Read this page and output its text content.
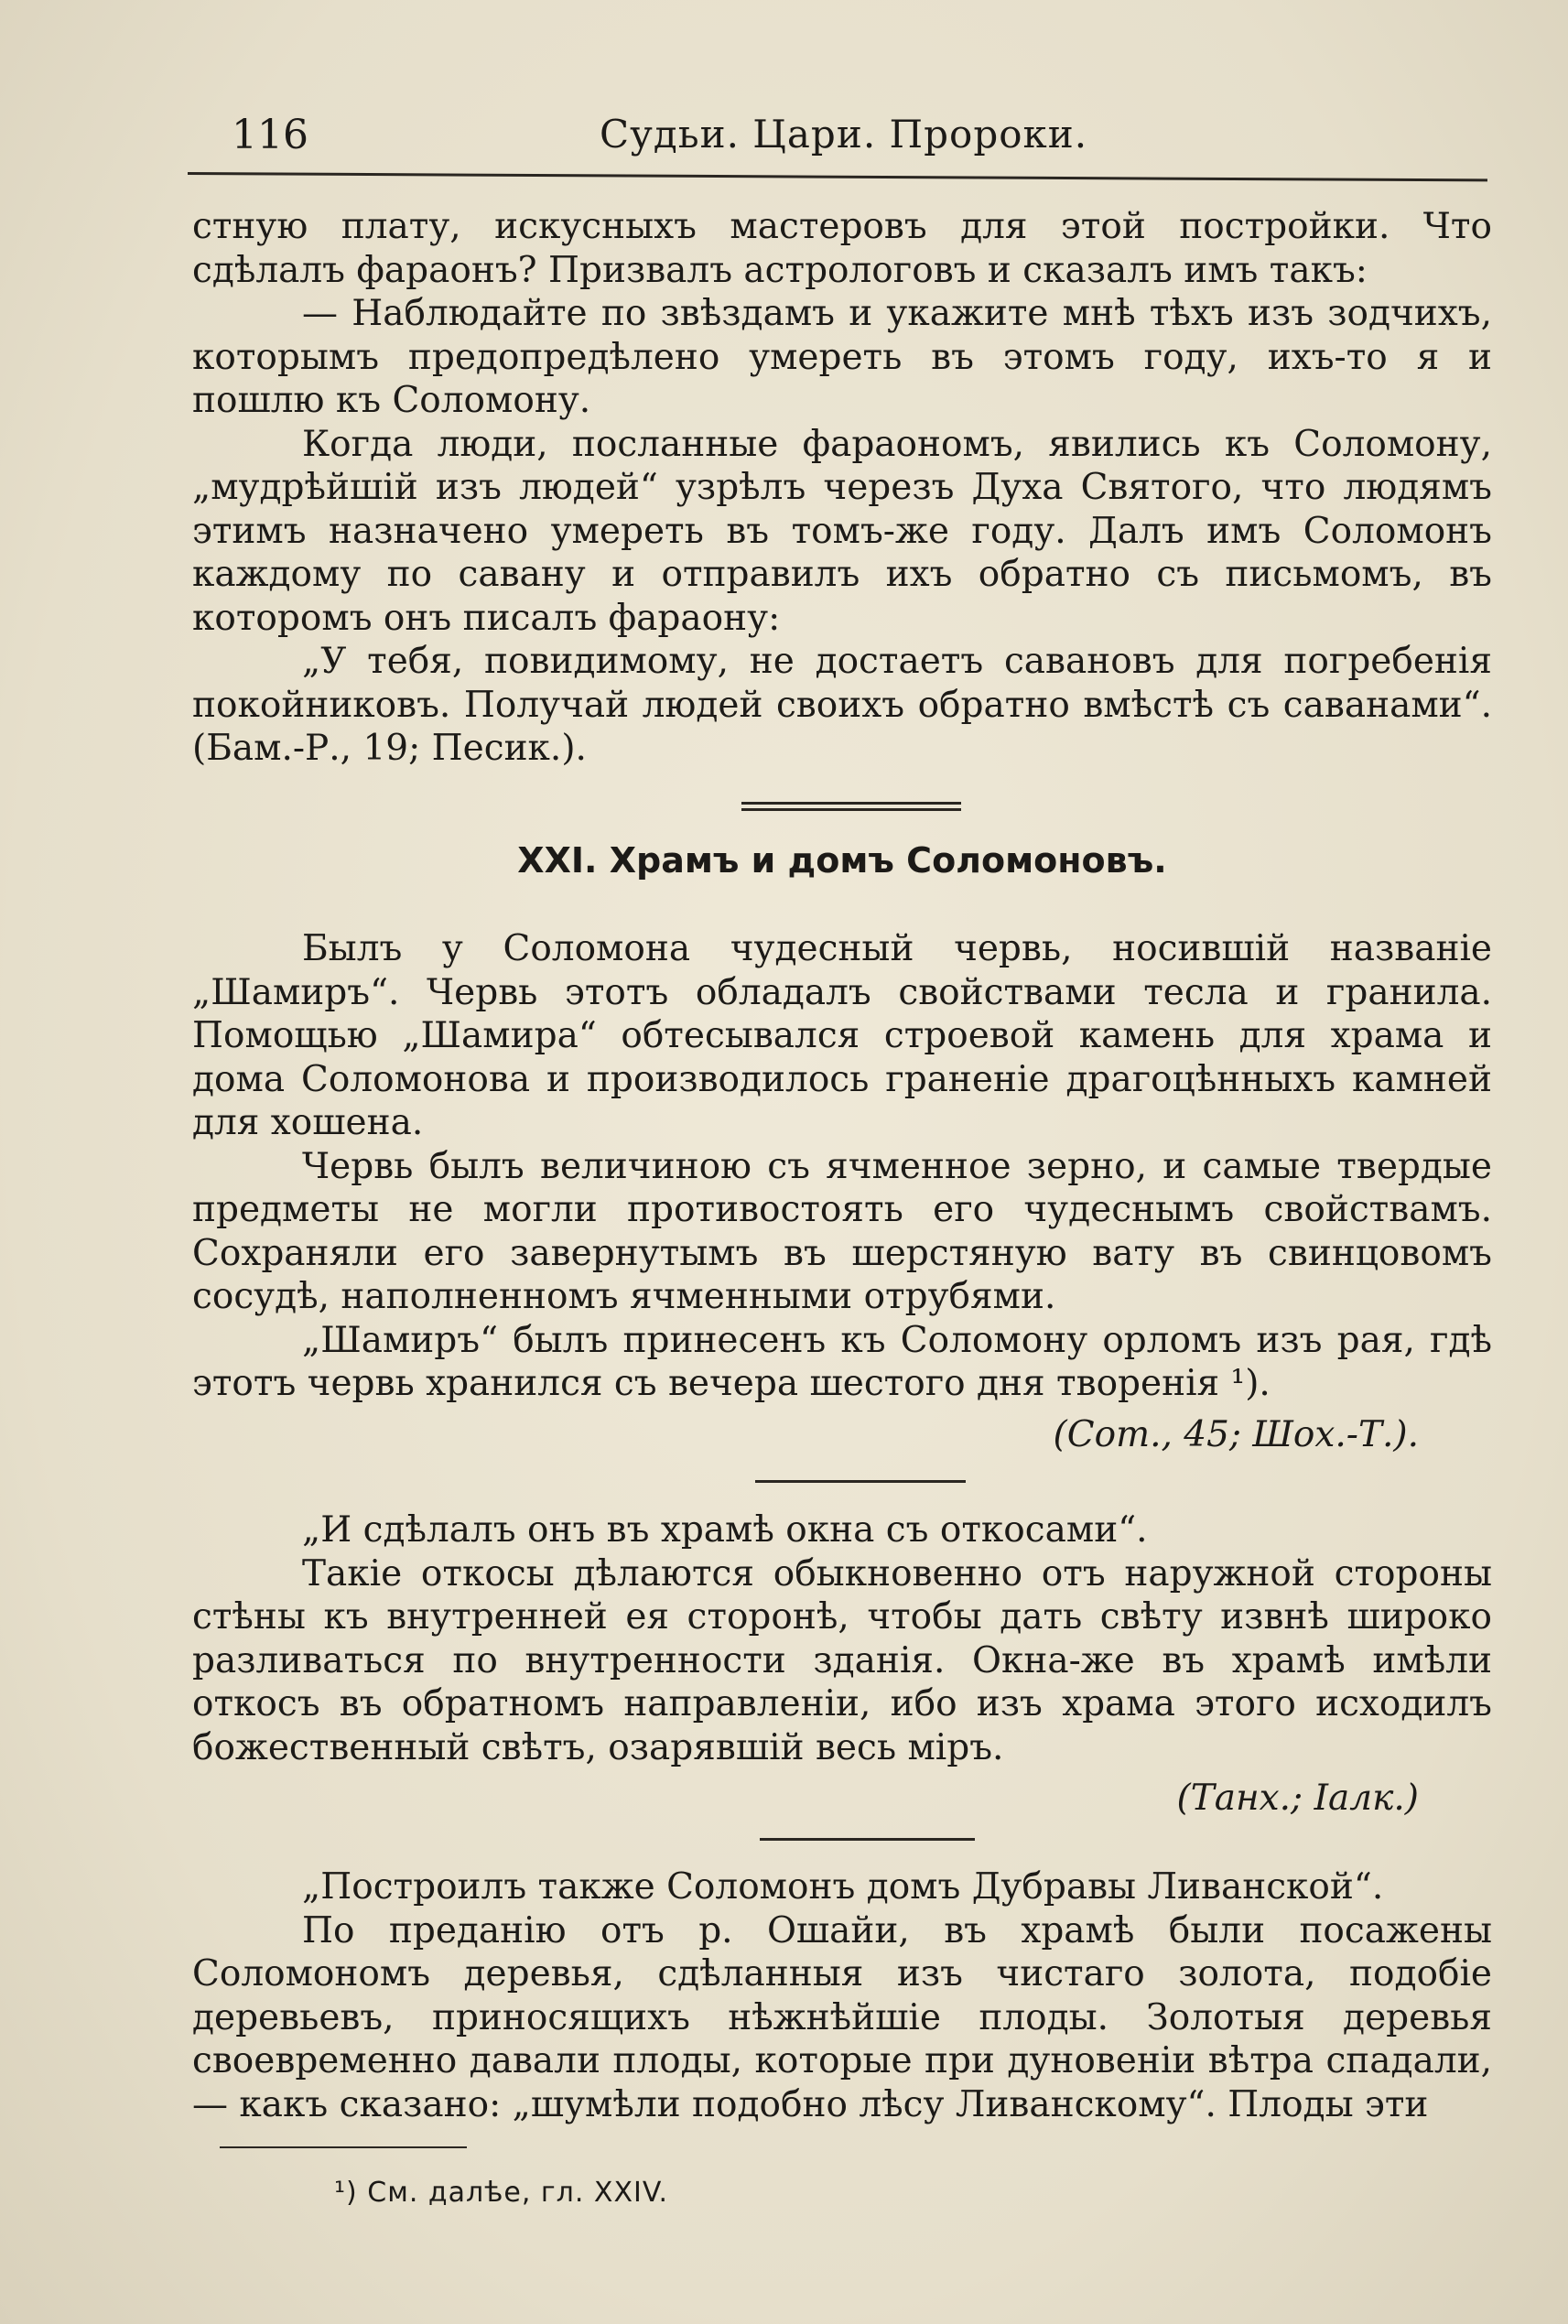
116	Судьи. Цари. Пророки.

стную плату, искусныхъ мастеровъ для этой постройки. Что сдѣлалъ фараонъ? Призвалъ астрологовъ и сказалъ имъ такъ:

— Наблюдайте по звѣздамъ и укажите мнѣ тѣхъ изъ зодчихъ, которымъ предопредѣлено умереть въ этомъ году, ихъ-то я и пошлю къ Соломону.

Когда люди, посланные фараономъ, явились къ Соломону, „мудрѣйшій изъ людей“ узрѣлъ черезъ Духа Святого, что людямъ этимъ назначено умереть въ томъ-же году. Далъ имъ Соломонъ каждому по савану и отправилъ ихъ обратно съ письмомъ, въ которомъ онъ писалъ фараону:

„У тебя, повидимому, не достаетъ савановъ для погребенія покойниковъ. Получай людей своихъ обратно вмѣстѣ съ саванами“. (Бам.-Р., 19; Песик.).

XXI. Храмъ и домъ Соломоновъ.

Былъ у Соломона чудесный червь, носившій названіе „Шамиръ“. Червь этотъ обладалъ свойствами тесла и гранила. Помощью „Шамира“ обтесывался строевой камень для храма и дома Соломонова и производилось граненіе драгоцѣнныхъ камней для хошена.

Червь былъ величиною съ ячменное зерно, и самые твердые предметы не могли противостоять его чудеснымъ свойствамъ. Сохраняли его завернутымъ въ шерстяную вату въ свинцовомъ сосудѣ, наполненномъ ячменными отрубями.

„Шамиръ“ былъ принесенъ къ Соломону орломъ изъ рая, гдѣ этотъ червь хранился съ вечера шестого дня творенія ¹).

(Сот., 45; Шох.-Т.).

„И сдѣлалъ онъ въ храмѣ окна съ откосами“.

Такіе откосы дѣлаются обыкновенно отъ наружной стороны стѣны къ внутренней ея сторонѣ, чтобы дать свѣту извнѣ широко разливаться по внутренности зданія. Окна-же въ храмѣ имѣли откосъ въ обратномъ направленіи, ибо изъ храма этого исходилъ божественный свѣтъ, озарявшій весь міръ.

(Танх.; Іалк.)

„Построилъ также Соломонъ домъ Дубравы Ливанской“.

По преданію отъ р. Ошайи, въ храмѣ были посажены Соломономъ деревья, сдѣланныя изъ чистаго золота, подобіе деревьевъ, приносящихъ нѣжнѣйшіе плоды. Золотыя деревья своевременно давали плоды, которые при дуновеніи вѣтра спадали,— какъ сказано: „шумѣли подобно лѣсу Ливанскому“. Плоды эти

¹) См. далѣе, гл. XXIV.
